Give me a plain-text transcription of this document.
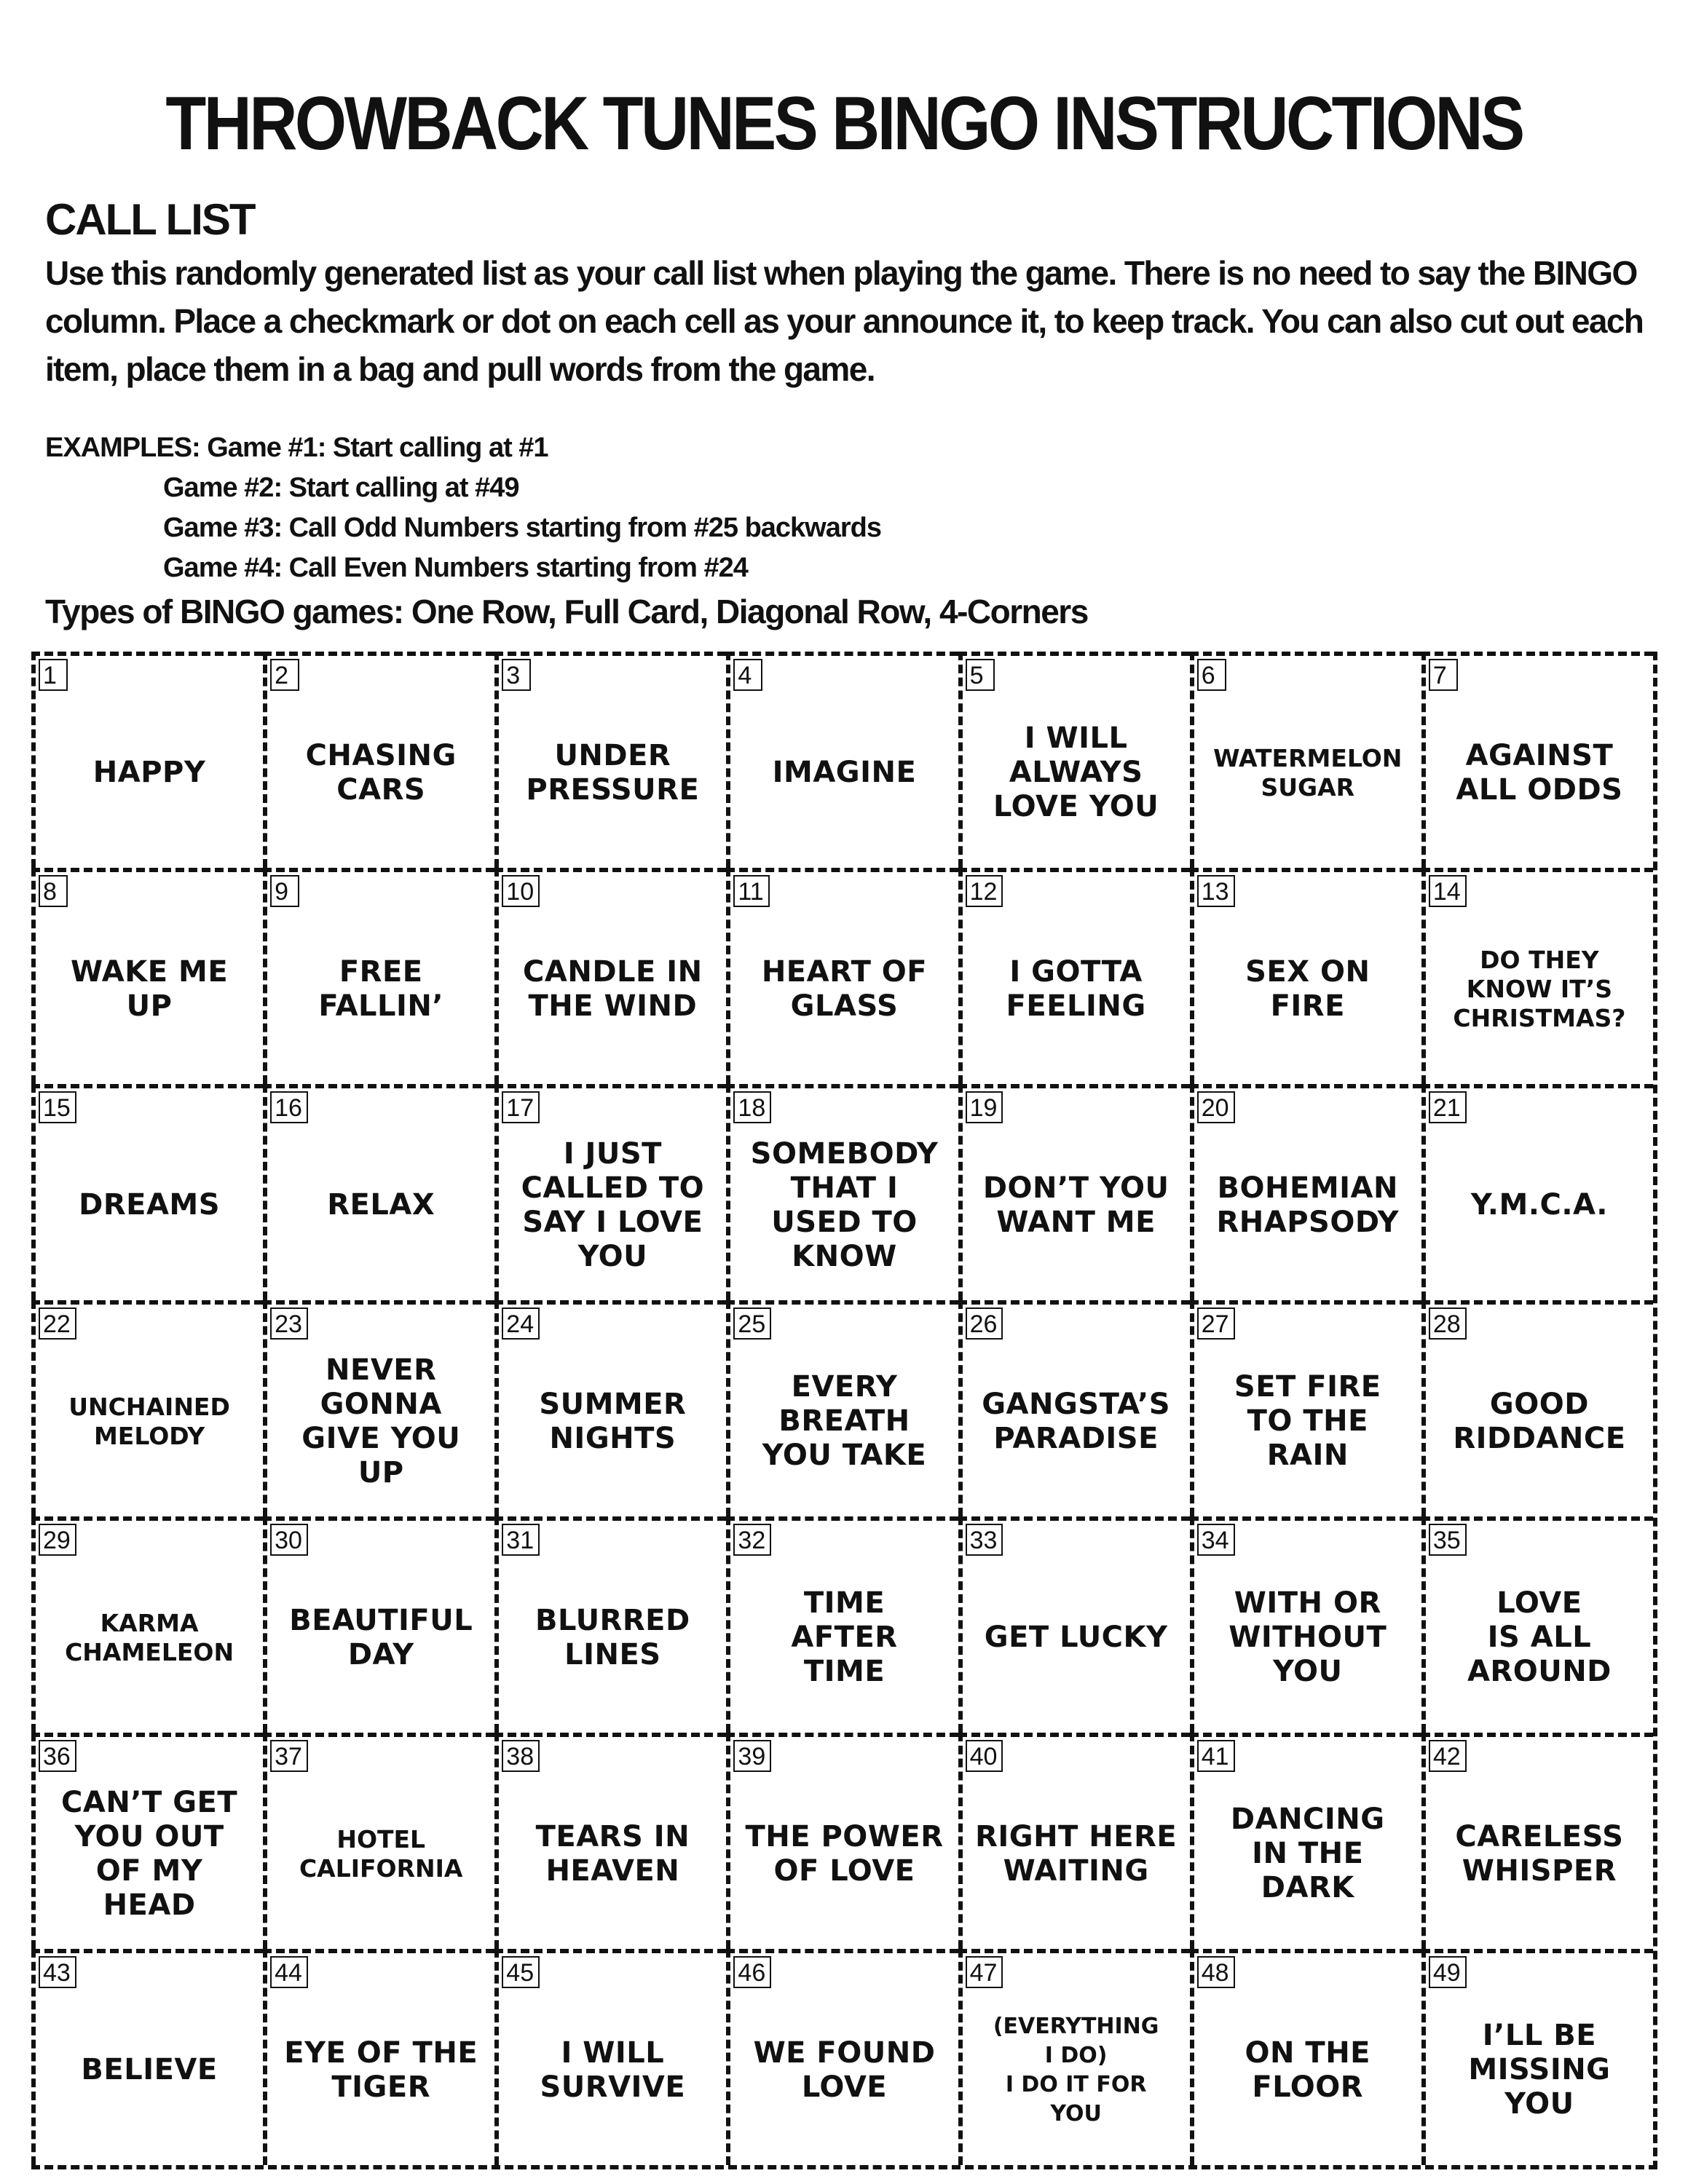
THROWBACK TUNES BINGO INSTRUCTIONS
CALL LIST
Use this randomly generated list as your call list when playing the game. There is no need to say the BINGO column. Place a checkmark or dot on each cell as your announce it, to keep track. You can also cut out each item, place them in a bag and pull words from the game.
EXAMPLES: Game #1: Start calling at #1
Game #2: Start calling at #49
Game #3: Call Odd Numbers starting from #25 backwards
Game #4: Call Even Numbers starting from #24
Types of BINGO games: One Row, Full Card, Diagonal Row, 4-Corners
1
HAPPY
2
CHASING
CARS
3
UNDER
PRESSURE
4
IMAGINE
5
I WILL
ALWAYS
LOVE YOU
6
WATERMELON
SUGAR
7
AGAINST
ALL ODDS
8
WAKE ME
UP
9
FREE
FALLIN’
10
CANDLE IN
THE WIND
11
HEART OF
GLASS
12
I GOTTA
FEELING
13
SEX ON
FIRE
14
DO THEY
KNOW IT’S
CHRISTMAS?
15
DREAMS
16
RELAX
17
I JUST
CALLED TO
SAY I LOVE
YOU
18
SOMEBODY
THAT I
USED TO
KNOW
19
DON’T YOU
WANT ME
20
BOHEMIAN
RHAPSODY
21
Y.M.C.A.
22
UNCHAINED
MELODY
23
NEVER
GONNA
GIVE YOU
UP
24
SUMMER
NIGHTS
25
EVERY
BREATH
YOU TAKE
26
GANGSTA’S
PARADISE
27
SET FIRE
TO THE
RAIN
28
GOOD
RIDDANCE
29
KARMA
CHAMELEON
30
BEAUTIFUL
DAY
31
BLURRED
LINES
32
TIME
AFTER
TIME
33
GET LUCKY
34
WITH OR
WITHOUT
YOU
35
LOVE
IS ALL
AROUND
36
CAN’T GET
YOU OUT
OF MY
HEAD
37
HOTEL
CALIFORNIA
38
TEARS IN
HEAVEN
39
THE POWER
OF LOVE
40
RIGHT HERE
WAITING
41
DANCING
IN THE
DARK
42
CARELESS
WHISPER
43
BELIEVE
44
EYE OF THE
TIGER
45
I WILL
SURVIVE
46
WE FOUND
LOVE
47
(EVERYTHING
I DO)
I DO IT FOR
YOU
48
ON THE
FLOOR
49
I’LL BE
MISSING
YOU
